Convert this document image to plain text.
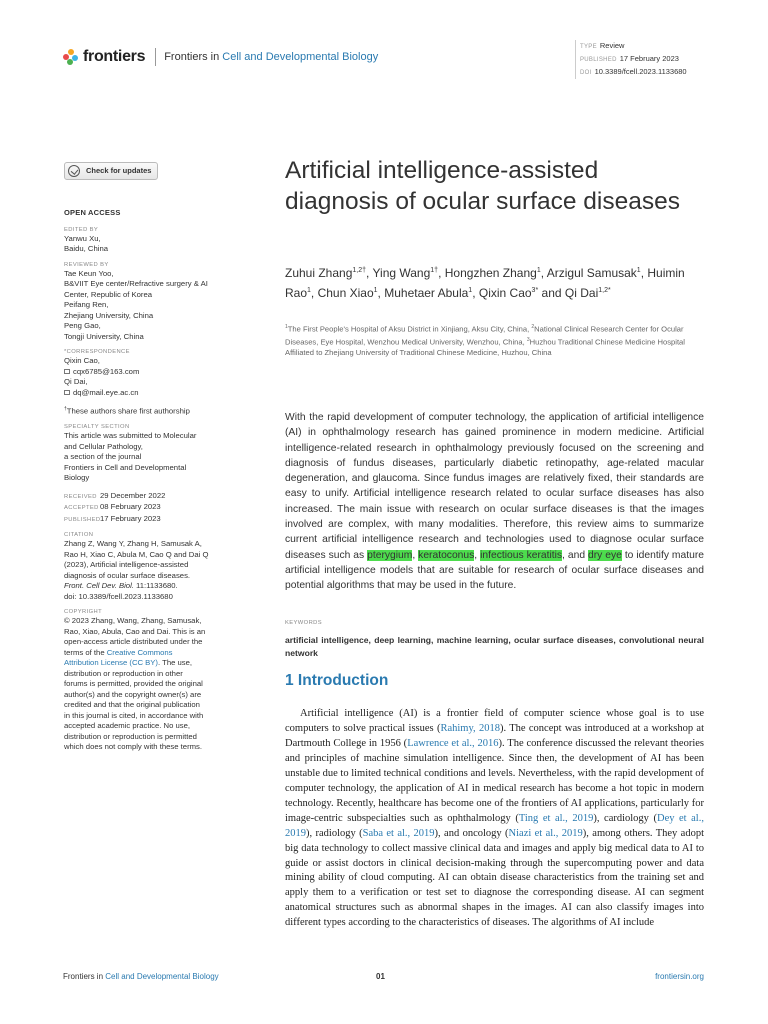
frontiers Frontiers in Cell and Developmental Biology
TYPE Review
PUBLISHED 17 February 2023
DOI 10.3389/fcell.2023.1133680
Check for updates
OPEN ACCESS
EDITED BY
Yanwu Xu,
Baidu, China
REVIEWED BY
Tae Keun Yoo,
B&VIIT Eye center/Refractive surgery & AI
Center, Republic of Korea
Peifang Ren,
Zhejiang University, China
Peng Gao,
Tongji University, China
*CORRESPONDENCE
Qixin Cao,
cqx6785@163.com
Qi Dai,
dq@mail.eye.ac.cn
†These authors share first authorship
SPECIALTY SECTION
This article was submitted to Molecular
and Cellular Pathology,
a section of the journal
Frontiers in Cell and Developmental
Biology
RECEIVED 29 December 2022
ACCEPTED08 February 2023
PUBLISHED17 February 2023
CITATION
Zhang Z, Wang Y, Zhang H, Samusak A,
Rao H, Xiao C, Abula M, Cao Q and Dai Q
(2023), Artificial intelligence-assisted
diagnosis of ocular surface diseases.
Front. Cell Dev. Biol. 11:1133680.
doi: 10.3389/fcell.2023.1133680
COPYRIGHT
© 2023 Zhang, Wang, Zhang, Samusak,
Rao, Xiao, Abula, Cao and Dai. This is an
open-access article distributed under the
terms of the Creative Commons
Attribution License (CC BY). The use,
distribution or reproduction in other
forums is permitted, provided the original
author(s) and the copyright owner(s) are
credited and that the original publication
in this journal is cited, in accordance with
accepted academic practice. No use,
distribution or reproduction is permitted
which does not comply with these terms.
Artificial intelligence-assisted diagnosis of ocular surface diseases
Zuhui Zhang$^{1,2\dagger}$, Ying Wang$^{1\dagger}$, Hongzhen Zhang$^1$, Arzigul Samusak$^1$, Huimin Rao$^1$, Chun Xiao$^1$, Muhetaer Abula$^1$, Qixin Cao$^{3*}$ and Qi Dai$^{1,2*}$
$^1$The First People's Hospital of Aksu District in Xinjiang, Aksu City, China, $^2$National Clinical Research Center for Ocular Diseases, Eye Hospital, Wenzhou Medical University, Wenzhou, China, $^3$Huzhou Traditional Chinese Medicine Hospital Affiliated to Zhejiang University of Traditional Chinese Medicine, Huzhou, China
With the rapid development of computer technology, the application of artificial intelligence (AI) in ophthalmology research has gained prominence in modern medicine. Artificial intelligence-related research in ophthalmology previously focused on the screening and diagnosis of fundus diseases, particularly diabetic retinopathy, age-related macular degeneration, and glaucoma. Since fundus images are relatively fixed, their standards are easy to unify. Artificial intelligence research related to ocular surface diseases has also increased. The main issue with research on ocular surface diseases is that the images involved are complex, with many modalities. Therefore, this review aims to summarize current artificial intelligence research and technologies used to diagnose ocular surface diseases such as pterygium, keratoconus, infectious keratitis, and dry eye to identify mature artificial intelligence models that are suitable for research of ocular surface diseases and potential algorithms that may be used in the future.
KEYWORDS
artificial intelligence, deep learning, machine learning, ocular surface diseases, convolutional neural network
1 Introduction

Artificial intelligence (AI) is a frontier field of computer science whose goal is to use computers to solve practical issues (Rahimy, 2018). The concept was introduced at a workshop at Dartmouth College in 1956 (Lawrence et al., 2016). The conference discussed the relevant theories and principles of machine simulation intelligence. Since then, the development of AI has been unstable due to limited technical conditions and levels. Nevertheless, with the rapid development of computer technology, the application of AI in medical research has become a hot topic in modern technology. Recently, healthcare has become one of the frontiers of AI applications, particularly for image-centric subspecialties such as ophthalmology (Ting et al., 2019), cardiology (Dey et al., 2019), radiology (Saba et al., 2019), and oncology (Niazi et al., 2019), among others. They adopt big data technology to collect massive clinical data and images and apply big medical data to AI to guide or assist doctors in clinical decision-making through the supercomputing power and data mining ability of cloud computing. AI can obtain disease characteristics from the training set and apply them to a verification or test set to diagnose the corresponding disease. AI can segment anatomical structures such as abnormal shapes in the images. AI can also classify images into different types according to the characteristics of diseases. The algorithms of AI include

Frontiers in Cell and Developmental Biology	01	frontiersin.org
